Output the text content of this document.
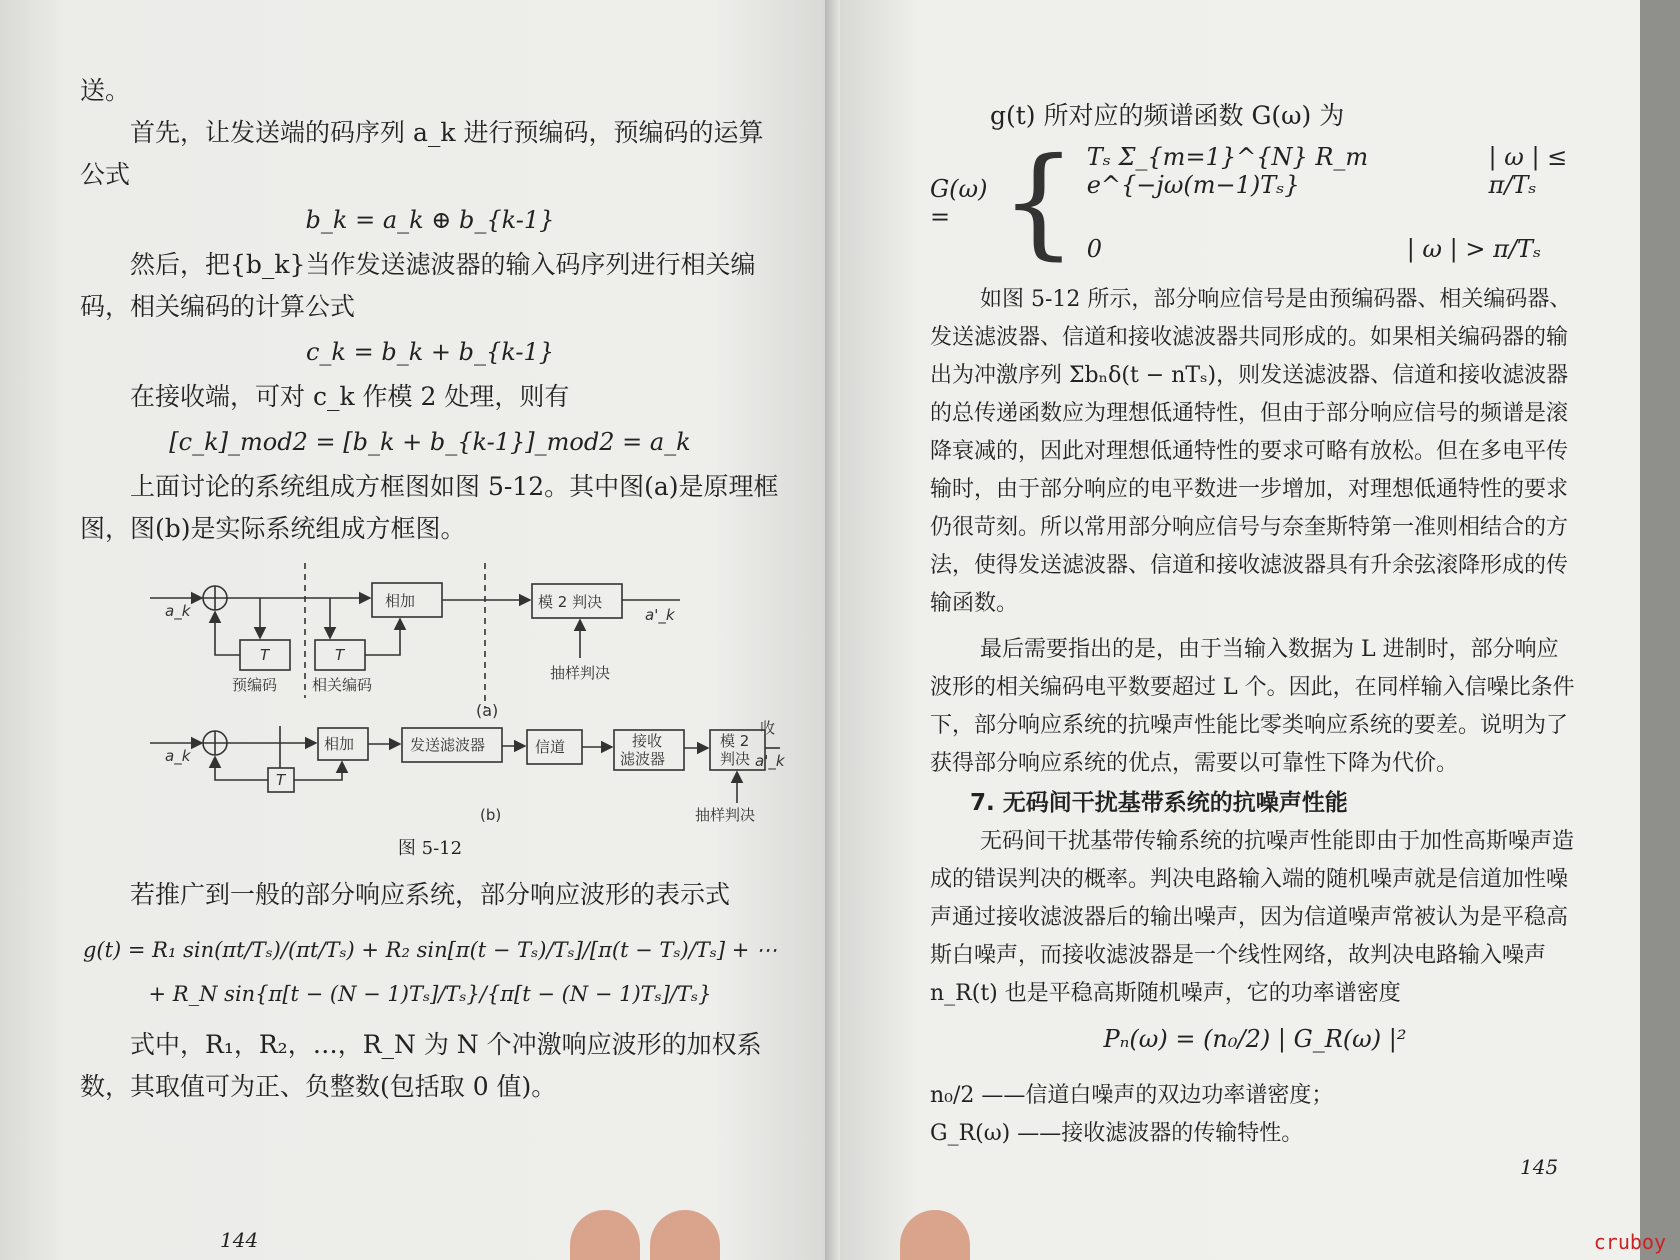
送。

首先，让发送端的码序列 a_k 进行预编码，预编码的运算公式

b_k = a_k ⊕ b_{k-1}

然后，把{b_k}当作发送滤波器的输入码序列进行相关编码，相关编码的计算公式

c_k = b_k + b_{k-1}

在接收端，可对 c_k 作模 2 处理，则有

[c_k]_mod2 = [b_k + b_{k-1}]_mod2 = a_k

上面讨论的系统组成方框图如图 5-12。其中图(a)是原理框图，图(b)是实际系统组成方框图。

a_k
相加	模 2 判决
a'_k
T	T
预编码 相关编码
抽样判决
(a)
a_k
相加	发送滤波器	信道	接收
滤波器
模 2
判决
收
a'_k
T
抽样判决
(b)
图 5-12

若推广到一般的部分响应系统，部分响应波形的表示式

g(t) = R₁ sin(πt/Tₛ)/(πt/Tₛ) + R₂ sin[π(t − Tₛ)/Tₛ]/[π(t − Tₛ)/Tₛ] + ⋯
+ R_N sin{π[t − (N − 1)Tₛ]/Tₛ}/{π[t − (N − 1)Tₛ]/Tₛ}

式中，R₁，R₂，…，R_N 为 N 个冲激响应波形的加权系数，其取值可为正、负整数(包括取 0 值)。

144

g(t) 所对应的频谱函数 G(ω) 为

G(ω) = { Tₛ Σ_{m=1}^{N} R_m e^{−jω(m−1)Tₛ}
| ω | ≤ π/Tₛ
0	| ω | > π/Tₛ

如图 5-12 所示，部分响应信号是由预编码器、相关编码器、发送滤波器、信道和接收滤波器共同形成的。如果相关编码器的输出为冲激序列 Σbₙδ(t − nTₛ)，则发送滤波器、信道和接收滤波器的总传递函数应为理想低通特性，但由于部分响应信号的频谱是滚降衰减的，因此对理想低通特性的要求可略有放松。但在多电平传输时，由于部分响应的电平数进一步增加，对理想低通特性的要求仍很苛刻。所以常用部分响应信号与奈奎斯特第一准则相结合的方法，使得发送滤波器、信道和接收滤波器具有升余弦滚降形成的传输函数。

最后需要指出的是，由于当输入数据为 L 进制时，部分响应波形的相关编码电平数要超过 L 个。因此，在同样输入信噪比条件下，部分响应系统的抗噪声性能比零类响应系统的要差。说明为了获得部分响应系统的优点，需要以可靠性下降为代价。

7. 无码间干扰基带系统的抗噪声性能

无码间干扰基带传输系统的抗噪声性能即由于加性高斯噪声造成的错误判决的概率。判决电路输入端的随机噪声就是信道加性噪声通过接收滤波器后的输出噪声，因为信道噪声常被认为是平稳高斯白噪声，而接收滤波器是一个线性网络，故判决电路输入噪声 n_R(t) 也是平稳高斯随机噪声，它的功率谱密度

Pₙ(ω) = (n₀/2) | G_R(ω) |²

n₀/2 ——信道白噪声的双边功率谱密度；

G_R(ω) ——接收滤波器的传输特性。

145
cruboy
